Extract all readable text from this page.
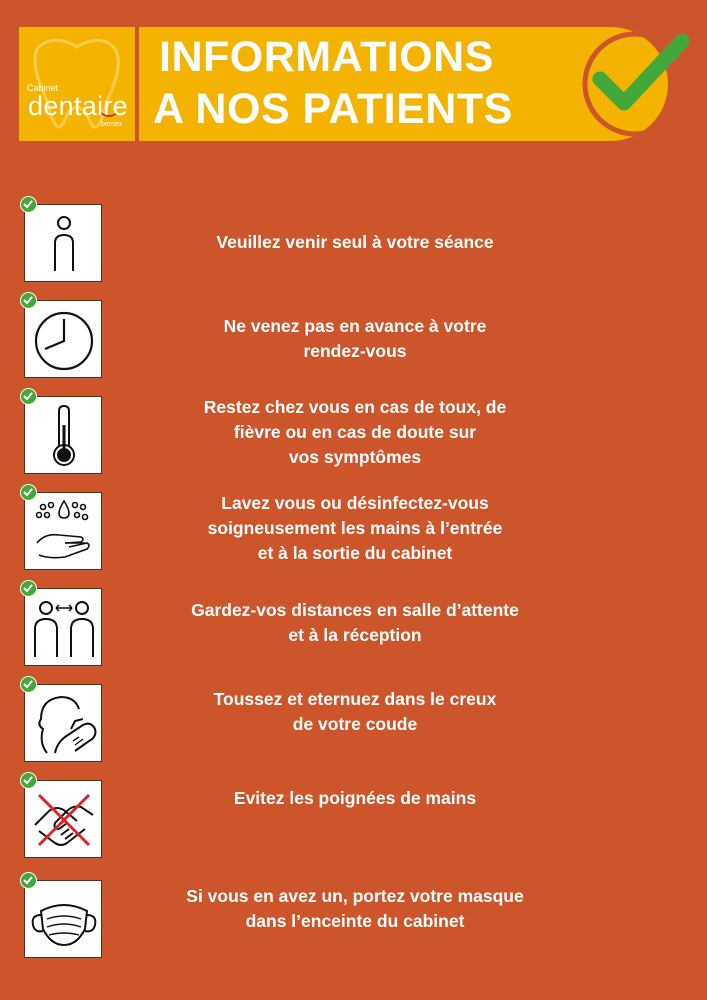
Cabinet
dentaire
bernex
INFORMATIONS
A NOS PATIENTS
Veuillez venir seul à votre séance
Ne venez pas en avance à votre
rendez-vous
Restez chez vous en cas de toux, de
fièvre ou en cas de doute sur
vos symptômes
Lavez vous ou désinfectez-vous
soigneusement les mains à l’entrée
et à la sortie du cabinet
Gardez-vos distances en salle d’attente
et à la réception
Toussez et eternuez dans le creux
de votre coude
Evitez les poignées de mains
Si vous en avez un, portez votre masque
dans l’enceinte du cabinet
